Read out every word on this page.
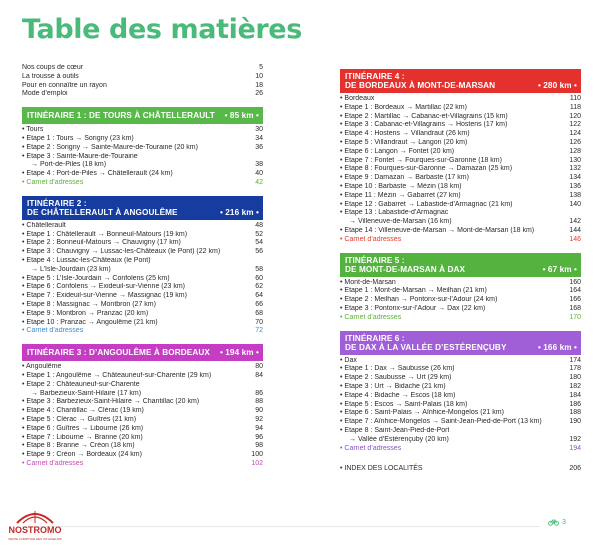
Table des matières
Nos coups de cœur	5
La trousse à outils	10
Pour en connaître un rayon	18
Mode d’emploi	26
ITINÉRAIRE 1 : DE TOURS À CHÂTELLERAULT • 85 km •
• Tours	30
• Étape 1 : Tours → Sorigny (23 km)	34
• Étape 2 : Sorigny → Sainte-Maure-de-Touraine (20 km)	36
• Étape 3 : Sainte-Maure-de-Touraine
→ Port-de-Piles (18 km)	38
• Étape 4 : Port-de-Piles → Châtellerault (24 km)	40
• Carnet d’adresses	42
ITINÉRAIRE 2 :
DE CHÂTELLERAULT À ANGOULÊME	• 216 km •
• Châtellerault	48
• Étape 1 : Châtellerault → Bonneuil-Matours (19 km)	52
• Étape 2 : Bonneuil-Matours → Chauvigny (17 km)	54
• Étape 3 : Chauvigny → Lussac-les-Châteaux (le Pont) (22 km)	56
• Étape 4 : Lussac-les-Châteaux (le Pont)
→ L’Isle-Jourdain (23 km)	58
• Étape 5 : L’Isle-Jourdain → Confolens (25 km)	60
• Étape 6 : Confolens → Exideuil-sur-Vienne (23 km)	62
• Étape 7 : Exideuil-sur-Vienne → Massignac (19 km)	64
• Étape 8 : Massignac → Montbron (27 km)	66
• Étape 9 : Montbron → Pranzac (20 km)	68
• Étape 10 : Pranzac → Angoulême (21 km)	70
• Carnet d’adresses	72
ITINÉRAIRE 3 : D’ANGOULÊME À BORDEAUX • 194 km •
• Angoulême	80
• Étape 1 : Angoulême → Châteauneuf-sur-Charente (29 km)	84
• Étape 2 : Châteauneuf-sur-Charente
→ Barbezieux-Saint-Hilaire (17 km)	86
• Étape 3 : Barbezieux-Saint-Hilaire → Chantillac (20 km)	88
• Étape 4 : Chantillac → Clérac (19 km)	90
• Étape 5 : Clérac → Guîtres (21 km)	92
• Étape 6 : Guîtres → Libourne (26 km)	94
• Étape 7 : Libourne → Branne (20 km)	96
• Étape 8 : Branne → Créon (18 km)	98
• Étape 9 : Créon → Bordeaux (24 km)	100
• Carnet d’adresses	102
ITINÉRAIRE 4 :
DE BORDEAUX À MONT-DE-MARSAN	• 280 km •
• Bordeaux	110
• Étape 1 : Bordeaux → Martillac (22 km)	118
• Étape 2 : Martillac → Cabanac-et-Villagrains (15 km)	120
• Étape 3 : Cabanac-et-Villagrains → Hostens (17 km)	122
• Étape 4 : Hostens → Villandraut (26 km)	124
• Étape 5 : Villandraut → Langon (20 km)	126
• Étape 6 : Langon → Fontet (20 km)	128
• Étape 7 : Fontet → Fourques-sur-Garonne (18 km)	130
• Étape 8 : Fourques-sur-Garonne → Damazan (25 km)	132
• Étape 9 : Damazan → Barbaste (17 km)	134
• Étape 10 : Barbaste → Mézin (18 km)	136
• Étape 11 : Mézin → Gabarret (27 km)	138
• Étape 12 : Gabarret → Labastide-d’Armagnac (21 km)	140
• Étape 13 : Labastide-d’Armagnac
→ Villeneuve-de-Marsan (16 km)	142
• Étape 14 : Villeneuve-de-Marsan → Mont-de-Marsan (18 km)	144
• Carnet d’adresses	146
ITINÉRAIRE 5 :
DE MONT-DE-MARSAN À DAX	• 67 km •
• Mont-de-Marsan	160
• Étape 1 : Mont-de-Marsan → Meilhan (21 km)	164
• Étape 2 : Meilhan → Pontonx-sur-l’Adour (24 km)	166
• Étape 3 : Pontonx-sur-l’Adour → Dax (22 km)	168
• Carnet d’adresses	170
ITINÉRAIRE 6 :
DE DAX À LA VALLÉE D’ESTÉRENÇUBY	• 166 km •
• Dax	174
• Étape 1 : Dax → Saubusse (26 km)	178
• Étape 2 : Saubusse → Urt (29 km)	180
• Étape 3 : Urt → Bidache (21 km)	182
• Étape 4 : Bidache → Escos (18 km)	184
• Étape 5 : Escos → Saint-Palais (18 km)	186
• Étape 6 : Saint-Palais → Aïnhice-Mongelos (21 km)	188
• Étape 7 : Aïnhice-Mongelos → Saint-Jean-Pied-de-Port (13 km)	190
• Étape 8 : Saint-Jean-Pied-de-Port
→ Vallée d’Estérençuby (20 km)	192
• Carnet d’adresses	194
• INDEX DES LOCALITÉS	206
NOSTROMO
VENTE COMPTOIR DES VOYAGEURS
3
